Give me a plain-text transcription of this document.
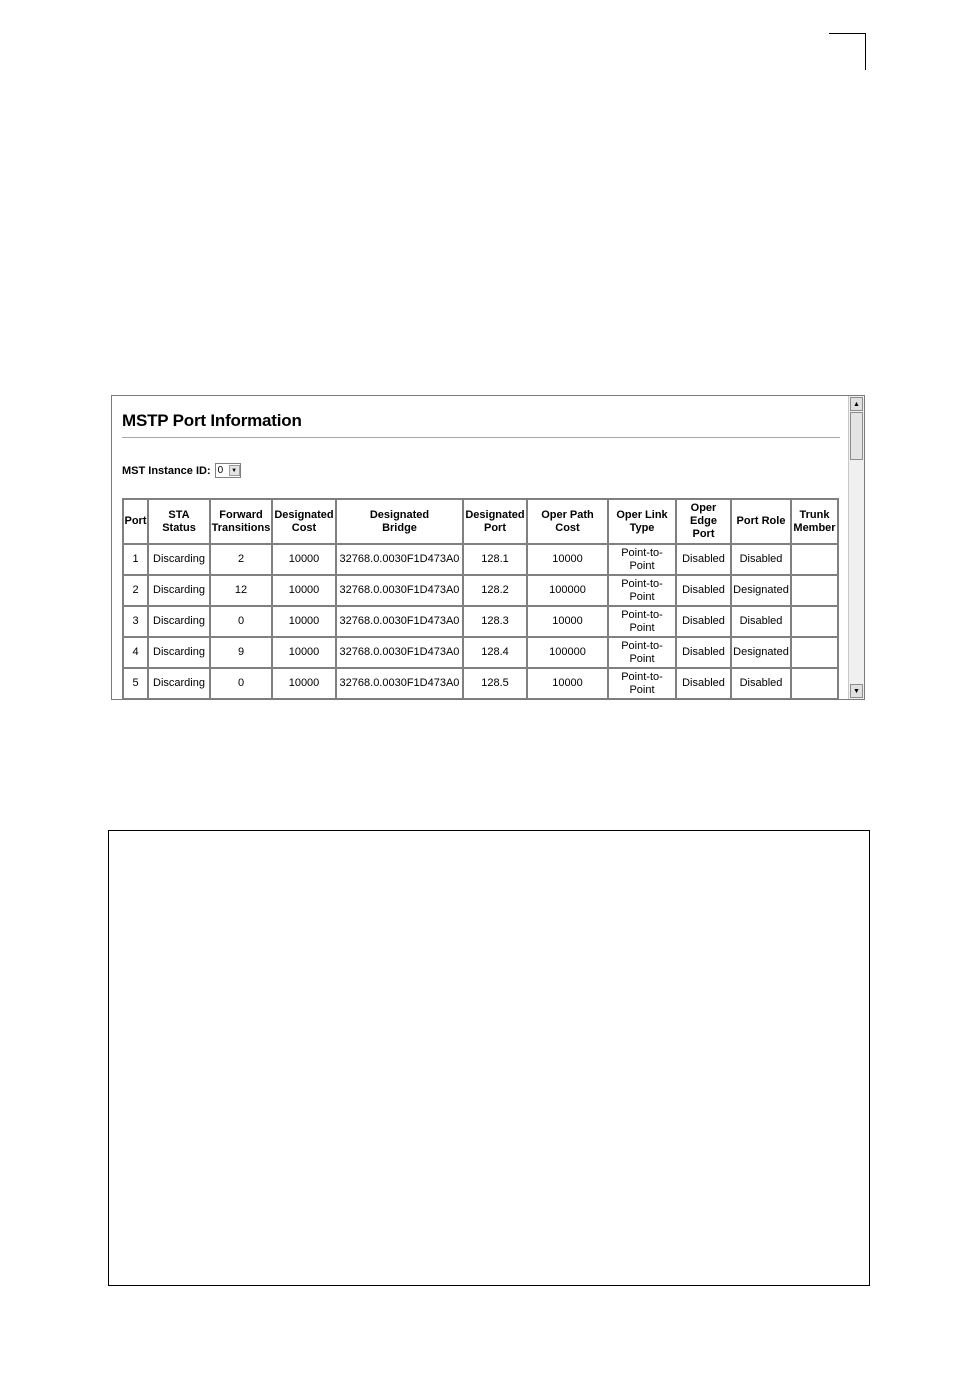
MSTP Port Information
MST Instance ID: 0	▼
Port	STA Status	Forward Transitions	Designated Cost	Designated Bridge	Designated Port	Oper Path Cost	Oper Link Type	Oper Edge Port	Port Role	Trunk Member
1	Discarding	2	10000	32768.0.0030F1D473A0	128.1	10000	Point-to-Point	Disabled	Disabled	
2	Discarding	12	10000	32768.0.0030F1D473A0	128.2	100000	Point-to-Point	Disabled	Designated	
3	Discarding	0	10000	32768.0.0030F1D473A0	128.3	10000	Point-to-Point	Disabled	Disabled	
4	Discarding	9	10000	32768.0.0030F1D473A0	128.4	100000	Point-to-Point	Disabled	Designated	
5	Discarding	0	10000	32768.0.0030F1D473A0	128.5	10000	Point-to-Point	Disabled	Disabled	
▲
▼
